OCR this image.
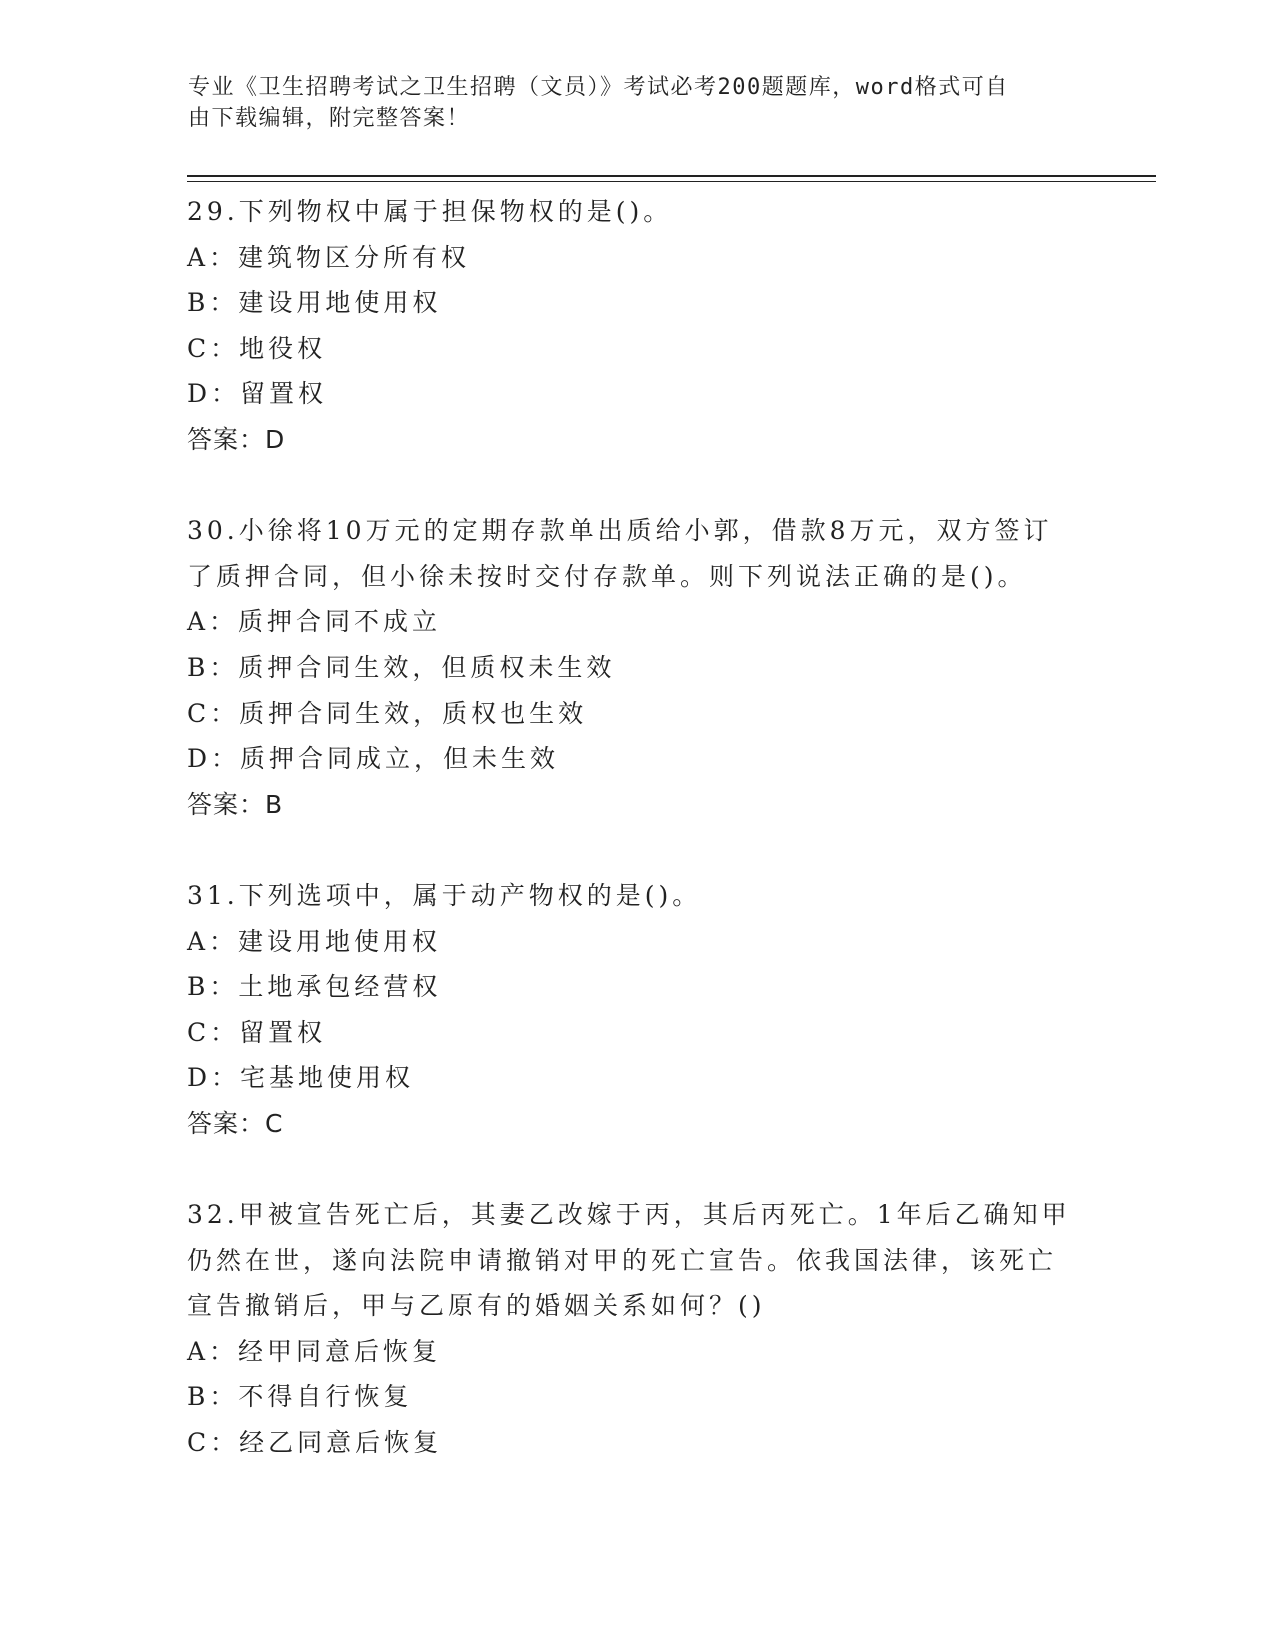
专业《卫生招聘考试之卫生招聘（文员）》考试必考200题题库，word格式可自
由下载编辑，附完整答案！
29.下列物权中属于担保物权的是()。
A：建筑物区分所有权
B：建设用地使用权
C：地役权
D：留置权
答案：D
30.小徐将10万元的定期存款单出质给小郭，借款8万元，双方签订
了质押合同，但小徐未按时交付存款单。则下列说法正确的是()。
A：质押合同不成立
B：质押合同生效，但质权未生效
C：质押合同生效，质权也生效
D：质押合同成立，但未生效
答案：B
31.下列选项中，属于动产物权的是()。
A：建设用地使用权
B：土地承包经营权
C：留置权
D：宅基地使用权
答案：C
32.甲被宣告死亡后，其妻乙改嫁于丙，其后丙死亡。1年后乙确知甲
仍然在世，遂向法院申请撤销对甲的死亡宣告。依我国法律，该死亡
宣告撤销后，甲与乙原有的婚姻关系如何？()
A：经甲同意后恢复
B：不得自行恢复
C：经乙同意后恢复
